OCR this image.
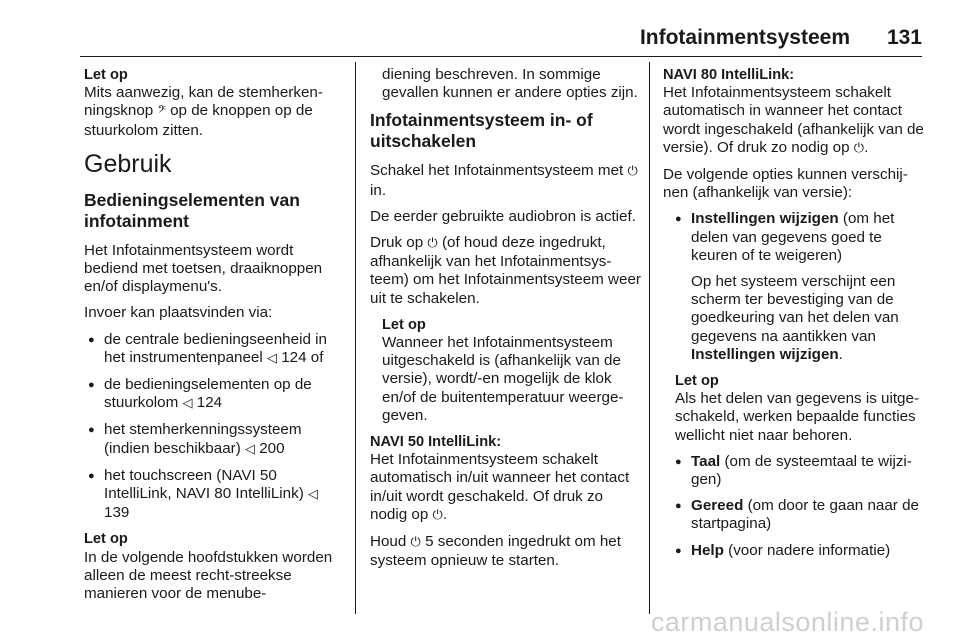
Infotainmentsysteem 131
Let op

Mits aanwezig, kan de stemherken-ningsknop 𝄢 op de knoppen op de stuurkolom zitten.

Gebruik
Bedieningselementen van infotainment

Het Infotainmentsysteem wordt bediend met toetsen, draaiknoppen en/of displaymenu's.

Invoer kan plaatsvinden via:

● de centrale bedieningseenheid in het instrumentenpaneel ◁ 124 of
● de bedieningselementen op de stuurkolom ◁ 124
● het stemherkenningssysteem (indien beschikbaar) ◁ 200
● het touchscreen (NAVI 50 IntelliLink, NAVI 80 IntelliLink) ◁ 139
Let op

In de volgende hoofdstukken worden alleen de meest recht-streekse manieren voor de menube-

diening beschreven. In sommige gevallen kunnen er andere opties zijn.

Infotainmentsysteem in- of uitschakelen

Schakel het Infotainmentsysteem met ⏻ in.

De eerder gebruikte audiobron is actief.

Druk op ⏻ (of houd deze ingedrukt, afhankelijk van het Infotainmentsys-teem) om het Infotainmentsysteem weer uit te schakelen.

Let op

Wanneer het Infotainmentsysteem uitgeschakeld is (afhankelijk van de versie), wordt/-en mogelijk de klok en/of de buitentemperatuur weerge-geven.

NAVI 50 IntelliLink:

Het Infotainmentsysteem schakelt automatisch in/uit wanneer het contact in/uit wordt geschakeld. Of druk zo nodig op ⏻.

Houd ⏻ 5 seconden ingedrukt om het systeem opnieuw te starten.

NAVI 80 IntelliLink:

Het Infotainmentsysteem schakelt automatisch in wanneer het contact wordt ingeschakeld (afhankelijk van de versie). Of druk zo nodig op ⏻.

De volgende opties kunnen verschij-nen (afhankelijk van versie):

● Instellingen wijzigen (om het delen van gegevens goed te keuren of te weigeren)
Op het systeem verschijnt een scherm ter bevestiging van de goedkeuring van het delen van gegevens na aantikken van Instellingen wijzigen.
Let op

Als het delen van gegevens is uitge-schakeld, werken bepaalde functies wellicht niet naar behoren.

● Taal (om de systeemtaal te wijzi-gen)
● Gereed (om door te gaan naar de startpagina)
● Help (voor nadere informatie)
carmanualsonline.info
